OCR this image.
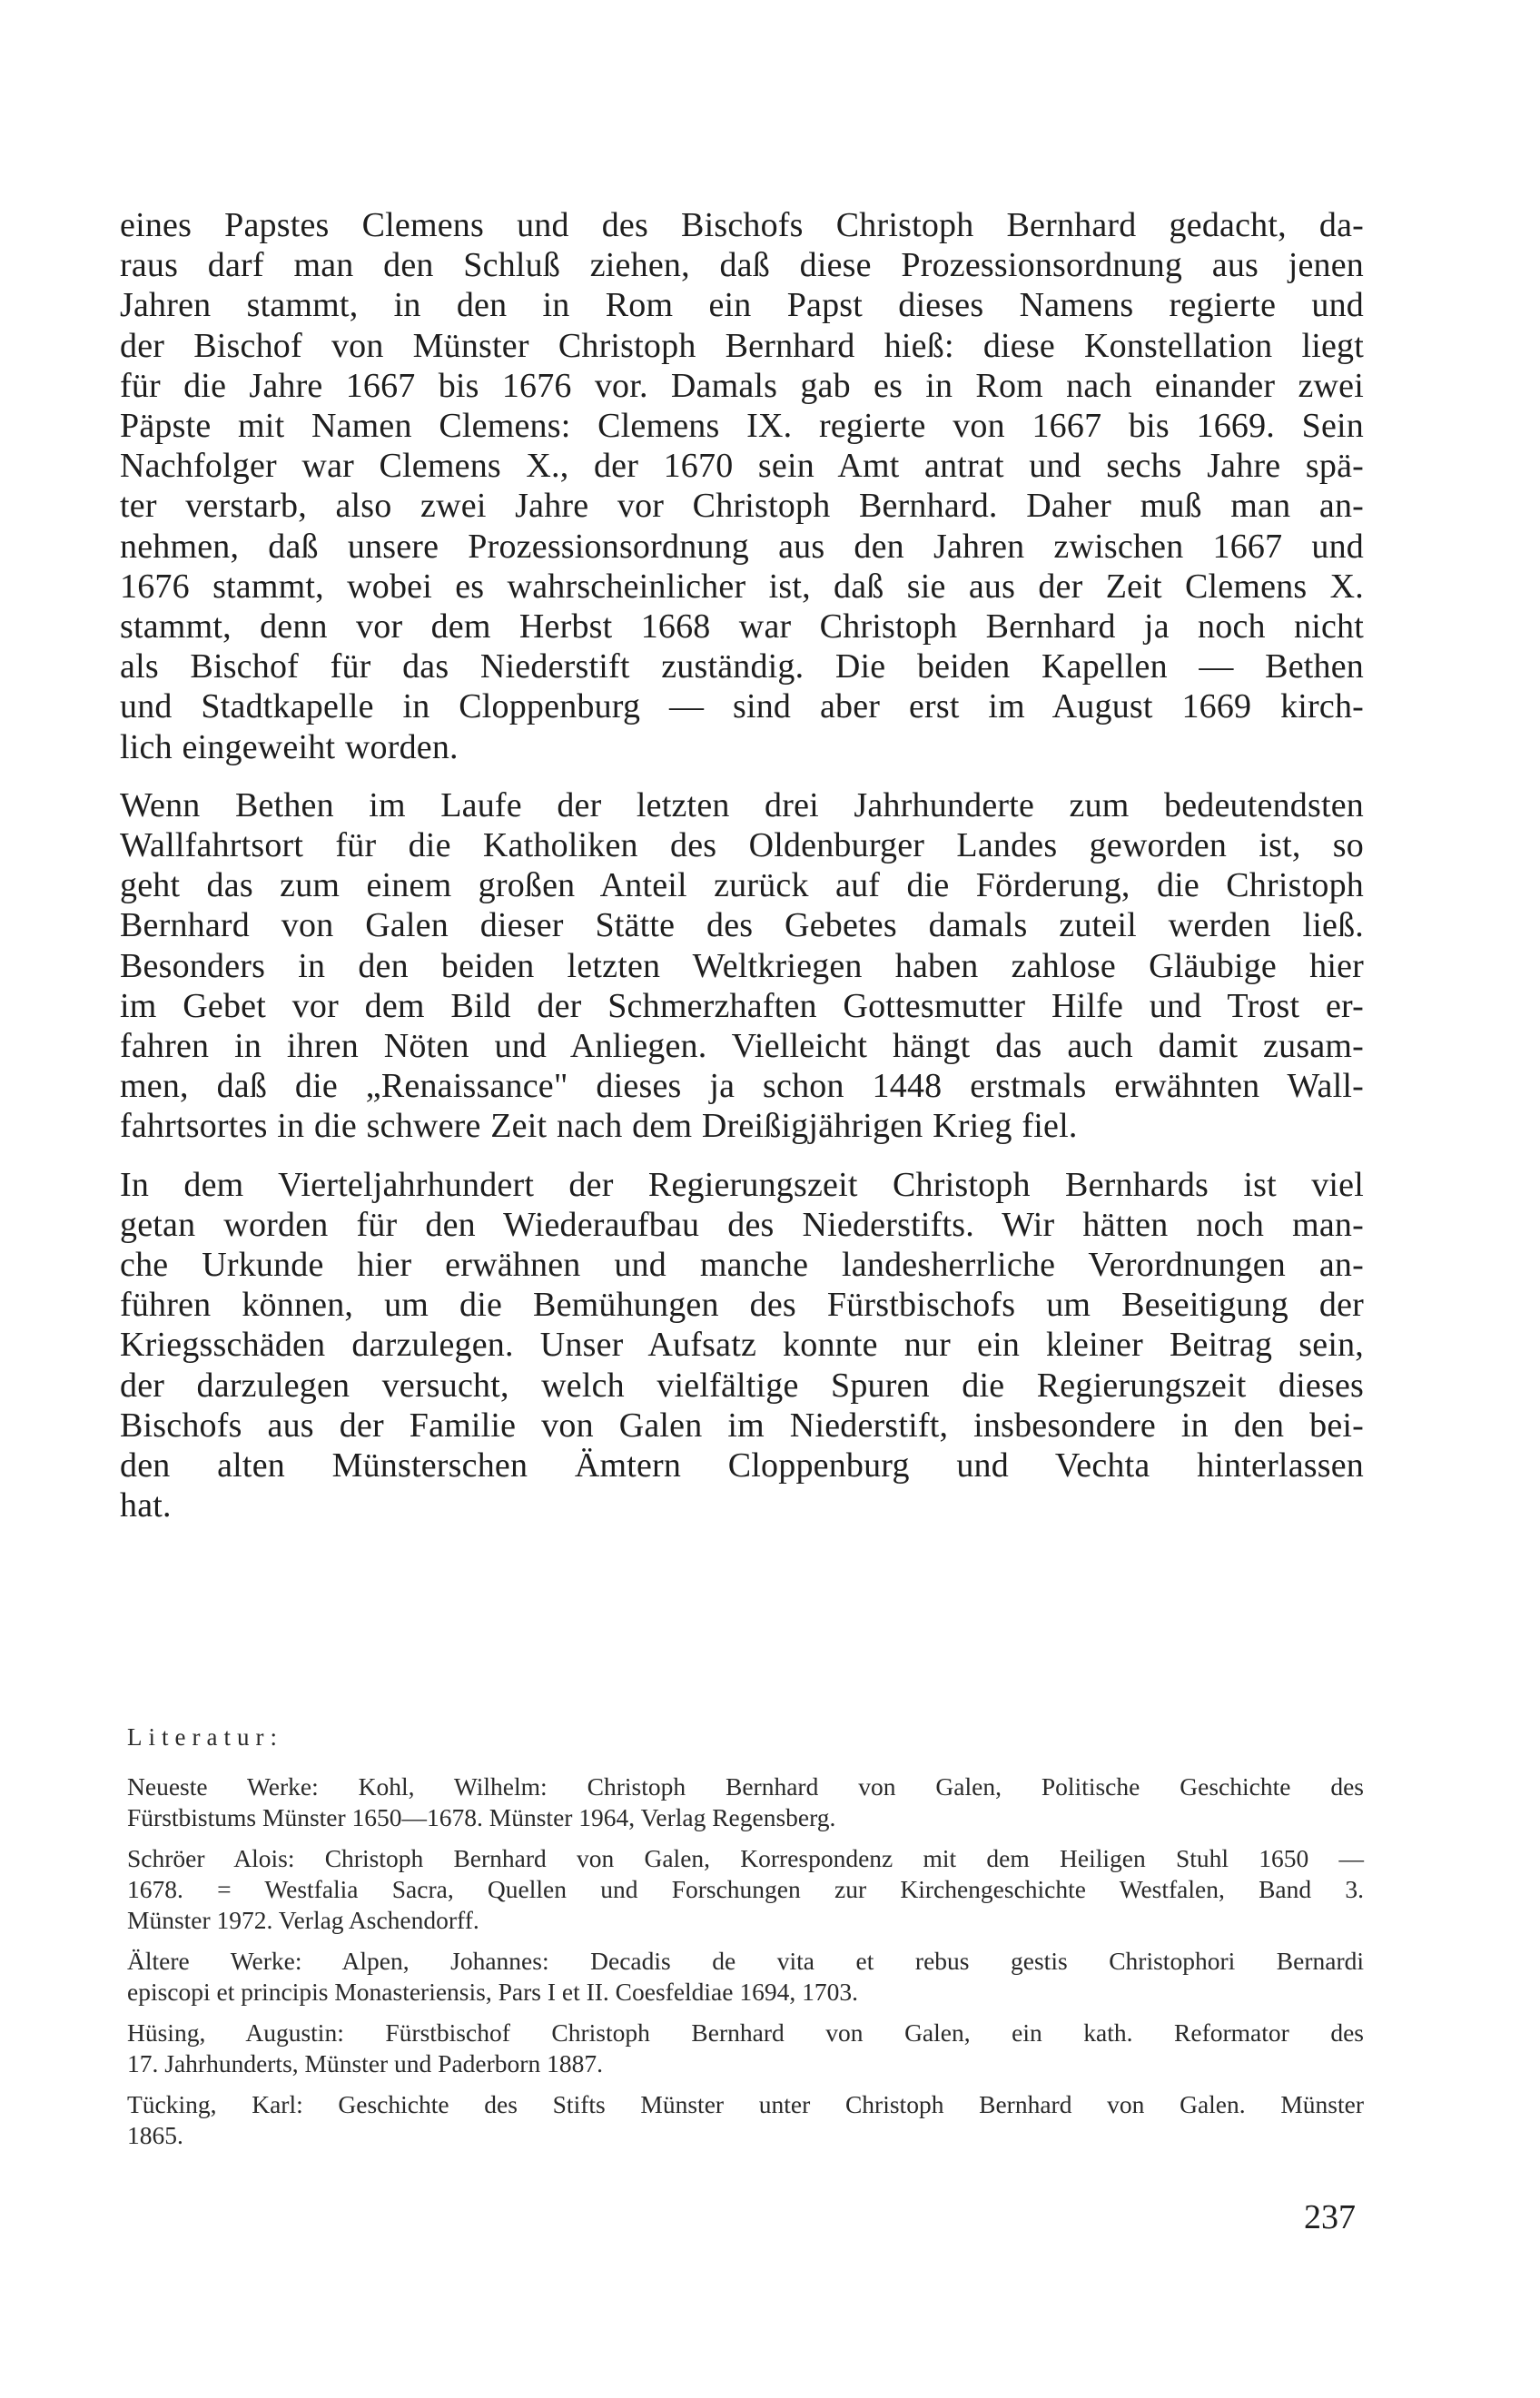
eines Papstes Clemens und des Bischofs Christoph Bernhard gedacht, da-
raus darf man den Schluß ziehen, daß diese Prozessionsordnung aus jenen
Jahren stammt, in den in Rom ein Papst dieses Namens regierte und
der Bischof von Münster Christoph Bernhard hieß: diese Konstellation liegt
für die Jahre 1667 bis 1676 vor. Damals gab es in Rom nach einander zwei
Päpste mit Namen Clemens: Clemens IX. regierte von 1667 bis 1669. Sein
Nachfolger war Clemens X., der 1670 sein Amt antrat und sechs Jahre spä-
ter verstarb, also zwei Jahre vor Christoph Bernhard. Daher muß man an-
nehmen, daß unsere Prozessionsordnung aus den Jahren zwischen 1667 und
1676 stammt, wobei es wahrscheinlicher ist, daß sie aus der Zeit Clemens X.
stammt, denn vor dem Herbst 1668 war Christoph Bernhard ja noch nicht
als Bischof für das Niederstift zuständig. Die beiden Kapellen — Bethen
und Stadtkapelle in Cloppenburg — sind aber erst im August 1669 kirch-
lich eingeweiht worden.

Wenn Bethen im Laufe der letzten drei Jahrhunderte zum bedeutendsten
Wallfahrtsort für die Katholiken des Oldenburger Landes geworden ist, so
geht das zum einem großen Anteil zurück auf die Förderung, die Christoph
Bernhard von Galen dieser Stätte des Gebetes damals zuteil werden ließ.
Besonders in den beiden letzten Weltkriegen haben zahlose Gläubige hier
im Gebet vor dem Bild der Schmerzhaften Gottesmutter Hilfe und Trost er-
fahren in ihren Nöten und Anliegen. Vielleicht hängt das auch damit zusam-
men, daß die „Renaissance" dieses ja schon 1448 erstmals erwähnten Wall-
fahrtsortes in die schwere Zeit nach dem Dreißigjährigen Krieg fiel.

In dem Vierteljahrhundert der Regierungszeit Christoph Bernhards ist viel
getan worden für den Wiederaufbau des Niederstifts. Wir hätten noch man-
che Urkunde hier erwähnen und manche landesherrliche Verordnungen an-
führen können, um die Bemühungen des Fürstbischofs um Beseitigung der
Kriegsschäden darzulegen. Unser Aufsatz konnte nur ein kleiner Beitrag sein,
der darzulegen versucht, welch vielfältige Spuren die Regierungszeit dieses
Bischofs aus der Familie von Galen im Niederstift, insbesondere in den bei-
den alten Münsterschen Ämtern Cloppenburg und Vechta hinterlassen
hat.

Literatur:
Neueste Werke: Kohl, Wilhelm: Christoph Bernhard von Galen, Politische Geschichte des
Fürstbistums Münster 1650—1678. Münster 1964, Verlag Regensberg.
Schröer Alois: Christoph Bernhard von Galen, Korrespondenz mit dem Heiligen Stuhl 1650 —
1678. = Westfalia Sacra, Quellen und Forschungen zur Kirchengeschichte Westfalen, Band 3.
Münster 1972. Verlag Aschendorff.
Ältere Werke: Alpen, Johannes: Decadis de vita et rebus gestis Christophori Bernardi
episcopi et principis Monasteriensis, Pars I et II. Coesfeldiae 1694, 1703.
Hüsing, Augustin: Fürstbischof Christoph Bernhard von Galen, ein kath. Reformator des
17. Jahrhunderts, Münster und Paderborn 1887.
Tücking, Karl: Geschichte des Stifts Münster unter Christoph Bernhard von Galen. Münster
1865.
237
